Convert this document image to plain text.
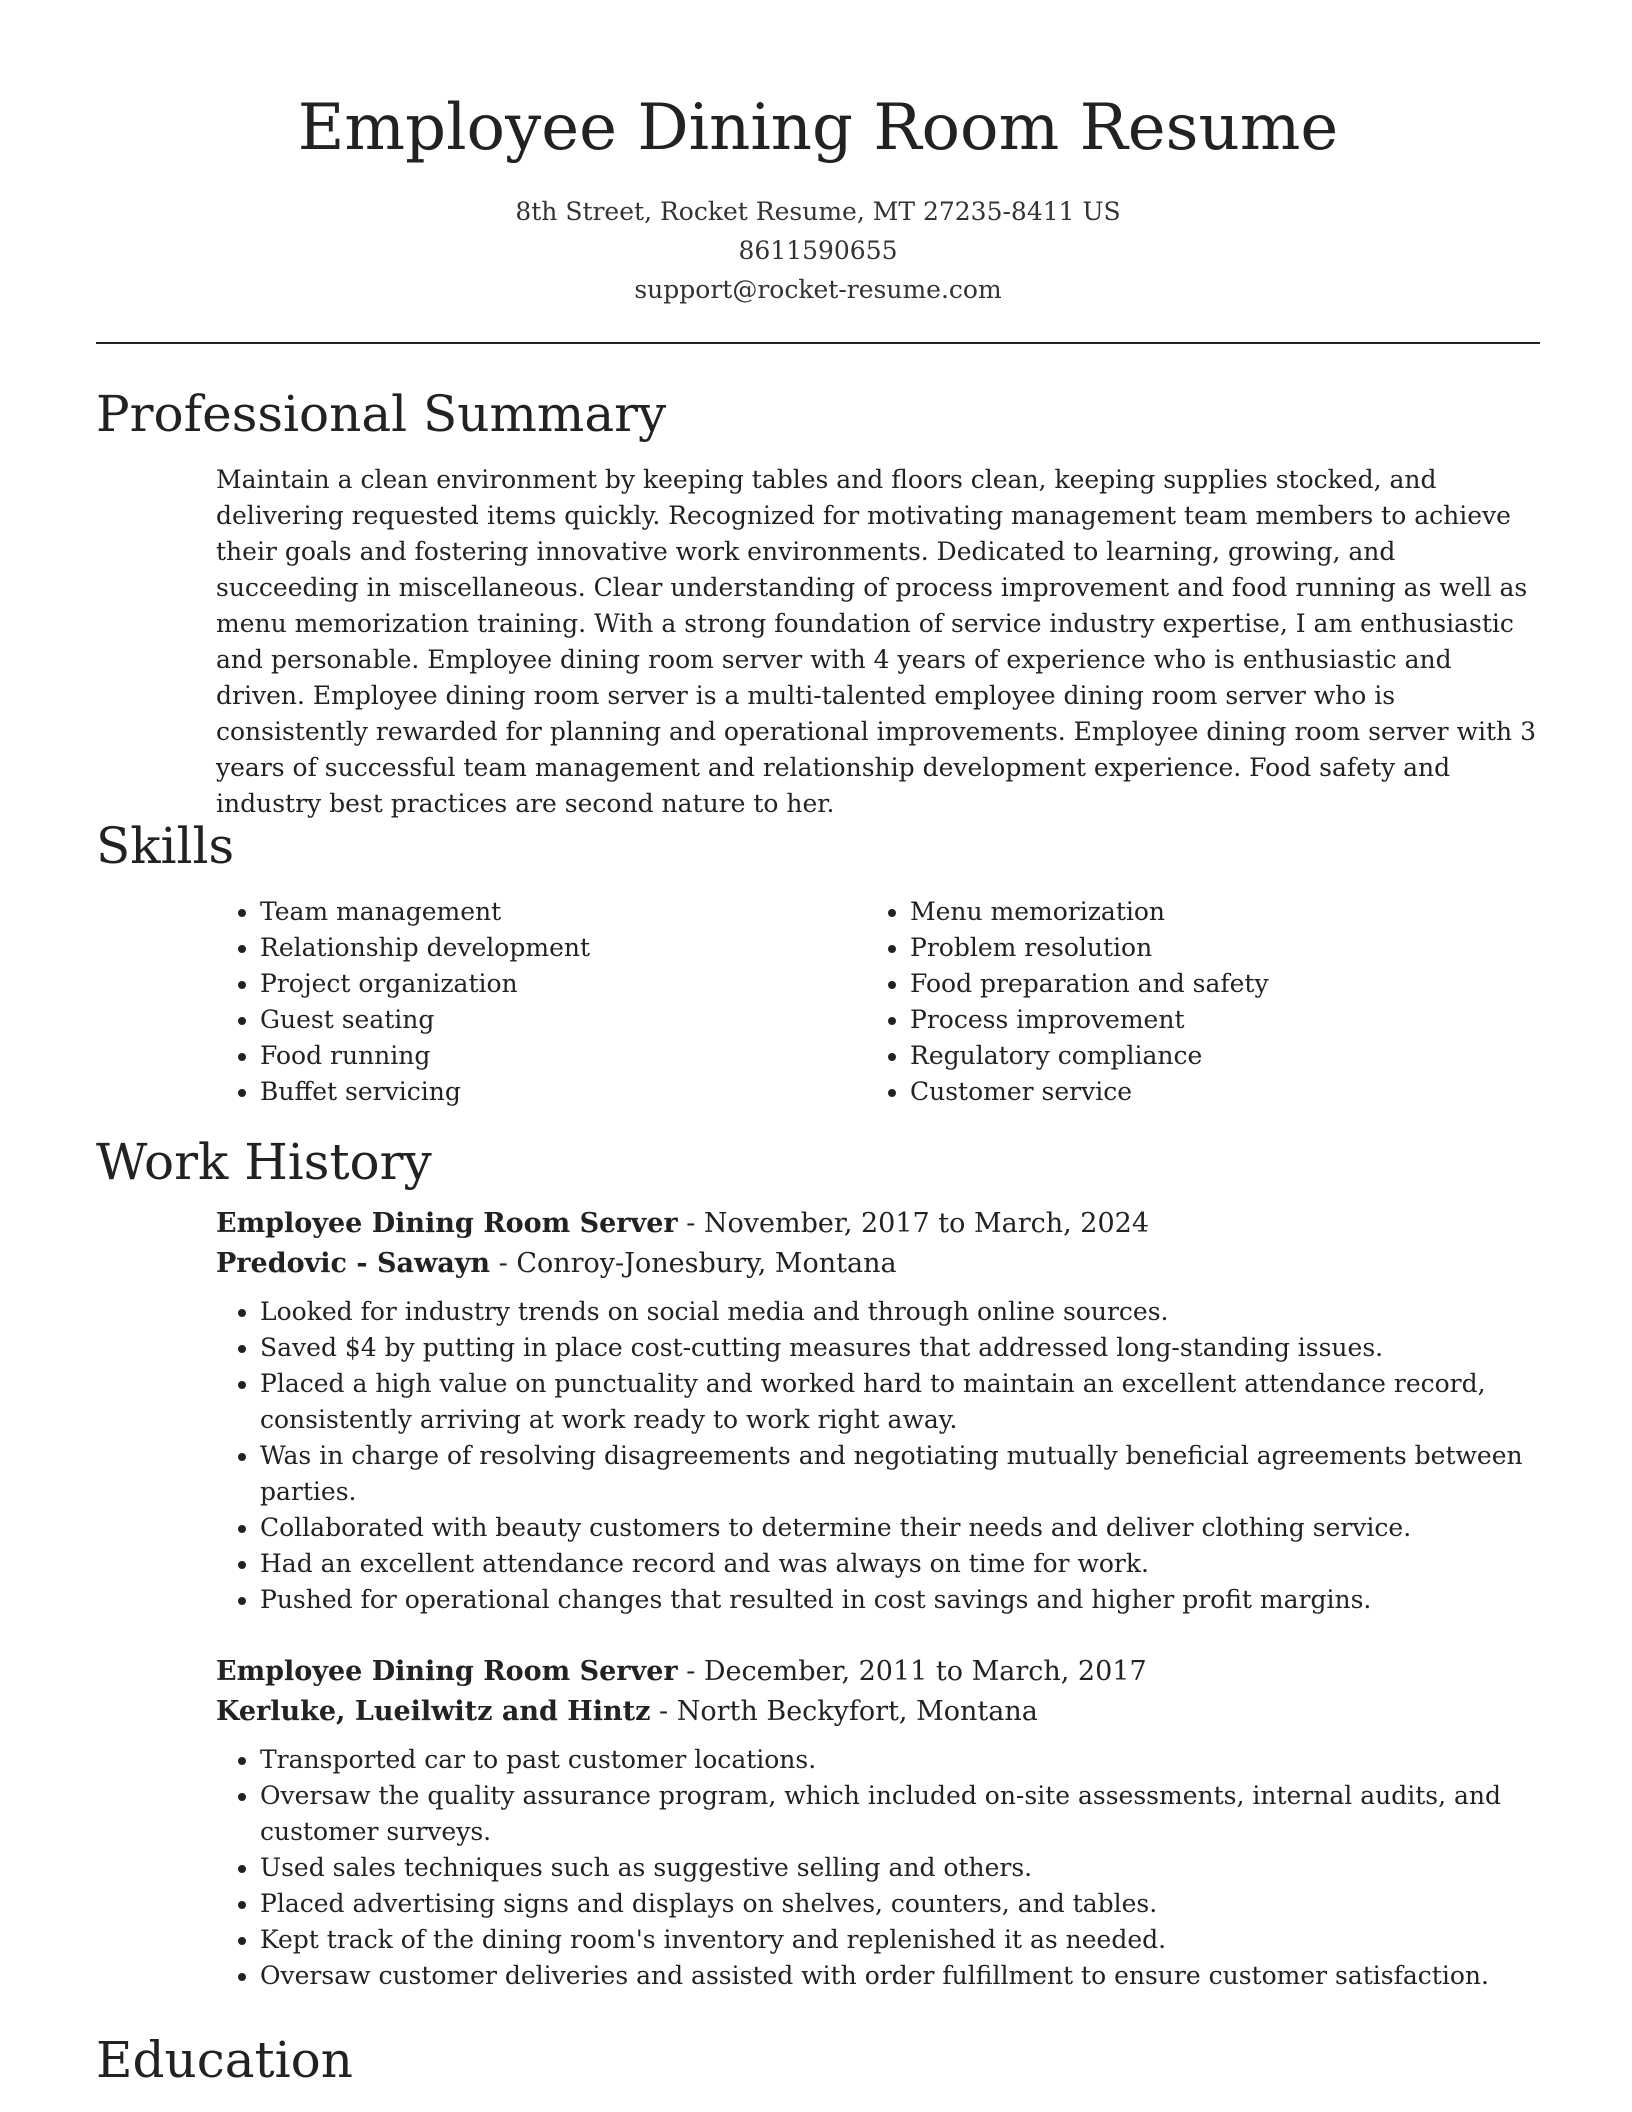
Employee Dining Room Resume
8th Street, Rocket Resume, MT 27235-8411 US
8611590655
support@rocket-resume.com
Professional Summary

Maintain a clean environment by keeping tables and floors clean, keeping supplies stocked, and delivering requested items quickly. Recognized for motivating management team members to achieve their goals and fostering innovative work environments. Dedicated to learning, growing, and succeeding in miscellaneous. Clear understanding of process improvement and food running as well as menu memorization training. With a strong foundation of service industry expertise, I am enthusiastic and personable. Employee dining room server with 4 years of experience who is enthusiastic and driven. Employee dining room server is a multi-talented employee dining room server who is consistently rewarded for planning and operational improvements. Employee dining room server with 3 years of successful team management and relationship development experience. Food safety and industry best practices are second nature to her.

Skills
• Team management
• Relationship development
• Project organization
• Guest seating
• Food running
• Buffet servicing
• Menu memorization
• Problem resolution
• Food preparation and safety
• Process improvement
• Regulatory compliance
• Customer service
Work History
Employee Dining Room Server - November, 2017 to March, 2024
Predovic - Sawayn - Conroy-Jonesbury, Montana
• Looked for industry trends on social media and through online sources.
• Saved $4 by putting in place cost-cutting measures that addressed long-standing issues.
• Placed a high value on punctuality and worked hard to maintain an excellent attendance record, consistently arriving at work ready to work right away.
• Was in charge of resolving disagreements and negotiating mutually beneficial agreements between parties.
• Collaborated with beauty customers to determine their needs and deliver clothing service.
• Had an excellent attendance record and was always on time for work.
• Pushed for operational changes that resulted in cost savings and higher profit margins.
Employee Dining Room Server - December, 2011 to March, 2017
Kerluke, Lueilwitz and Hintz - North Beckyfort, Montana
• Transported car to past customer locations.
• Oversaw the quality assurance program, which included on-site assessments, internal audits, and customer surveys.
• Used sales techniques such as suggestive selling and others.
• Placed advertising signs and displays on shelves, counters, and tables.
• Kept track of the dining room's inventory and replenished it as needed.
• Oversaw customer deliveries and assisted with order fulfillment to ensure customer satisfaction.
Education
